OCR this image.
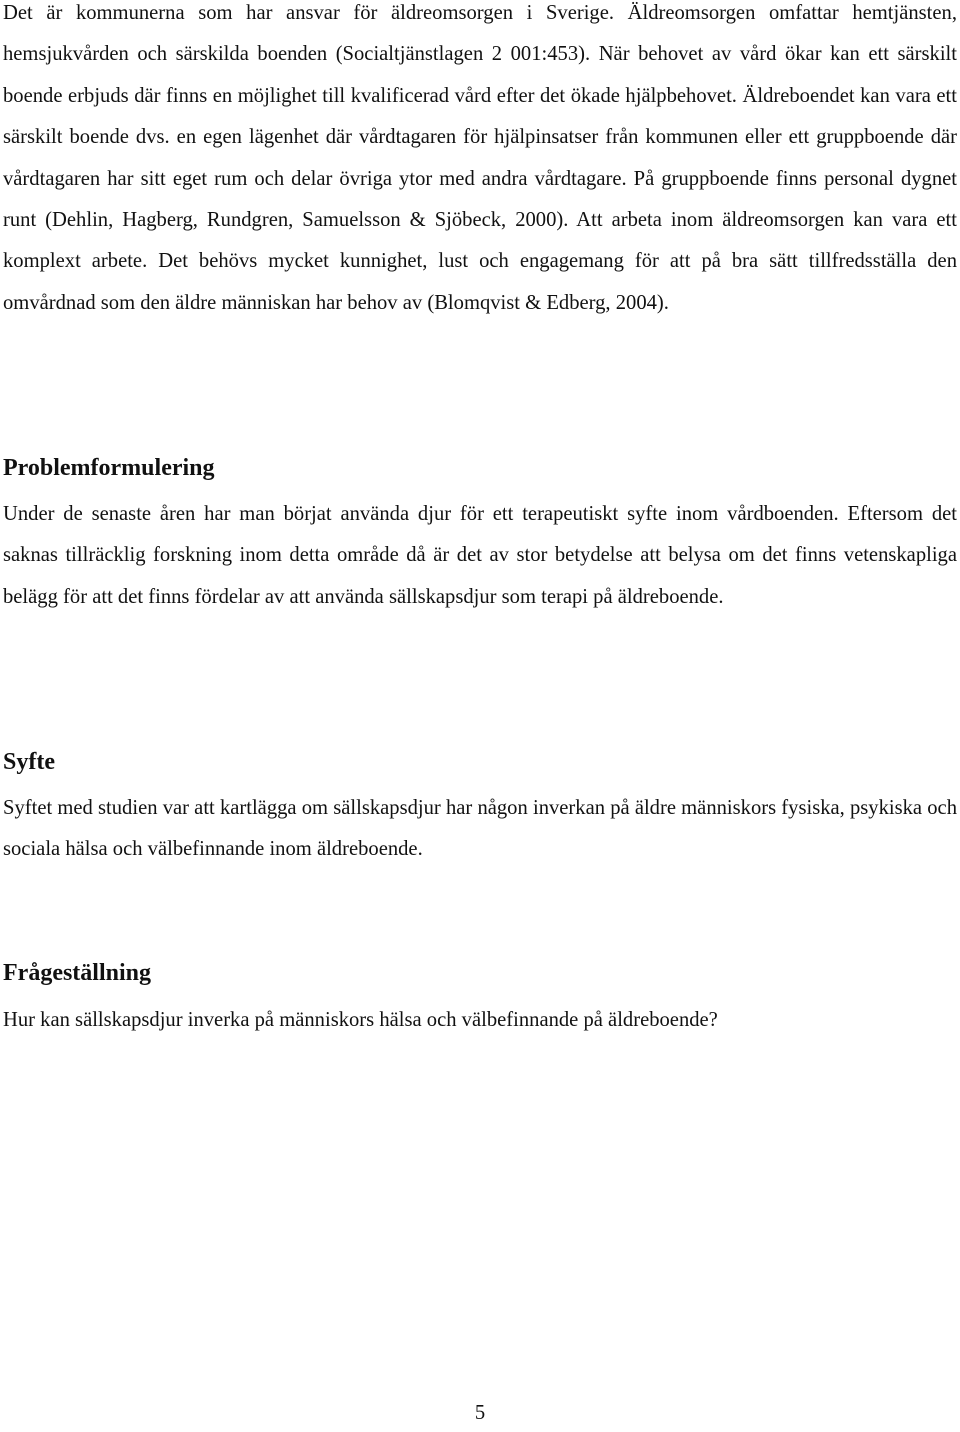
Det är kommunerna som har ansvar för äldreomsorgen i Sverige. Äldreomsorgen omfattar hemtjänsten, hemsjukvården och särskilda boenden (Socialtjänstlagen 2 001:453). När behovet av vård ökar kan ett särskilt boende erbjuds där finns en möjlighet till kvalificerad vård efter det ökade hjälpbehovet. Äldreboendet kan vara ett särskilt boende dvs. en egen lägenhet där vårdtagaren för hjälpinsatser från kommunen eller ett gruppboende där vårdtagaren har sitt eget rum och delar övriga ytor med andra vårdtagare. På gruppboende finns personal dygnet runt (Dehlin, Hagberg, Rundgren, Samuelsson & Sjöbeck, 2000). Att arbeta inom äldreomsorgen kan vara ett komplext arbete. Det behövs mycket kunnighet, lust och engagemang för att på bra sätt tillfredsställa den omvårdnad som den äldre människan har behov av (Blomqvist & Edberg, 2004).

Problemformulering

Under de senaste åren har man börjat använda djur för ett terapeutiskt syfte inom vårdboenden. Eftersom det saknas tillräcklig forskning inom detta område då är det av stor betydelse att belysa om det finns vetenskapliga belägg för att det finns fördelar av att använda sällskapsdjur som terapi på äldreboende.

Syfte

Syftet med studien var att kartlägga om sällskapsdjur har någon inverkan på äldre människors fysiska, psykiska och sociala hälsa och välbefinnande inom äldreboende.

Frågeställning

Hur kan sällskapsdjur inverka på människors hälsa och välbefinnande på äldreboende?

5
